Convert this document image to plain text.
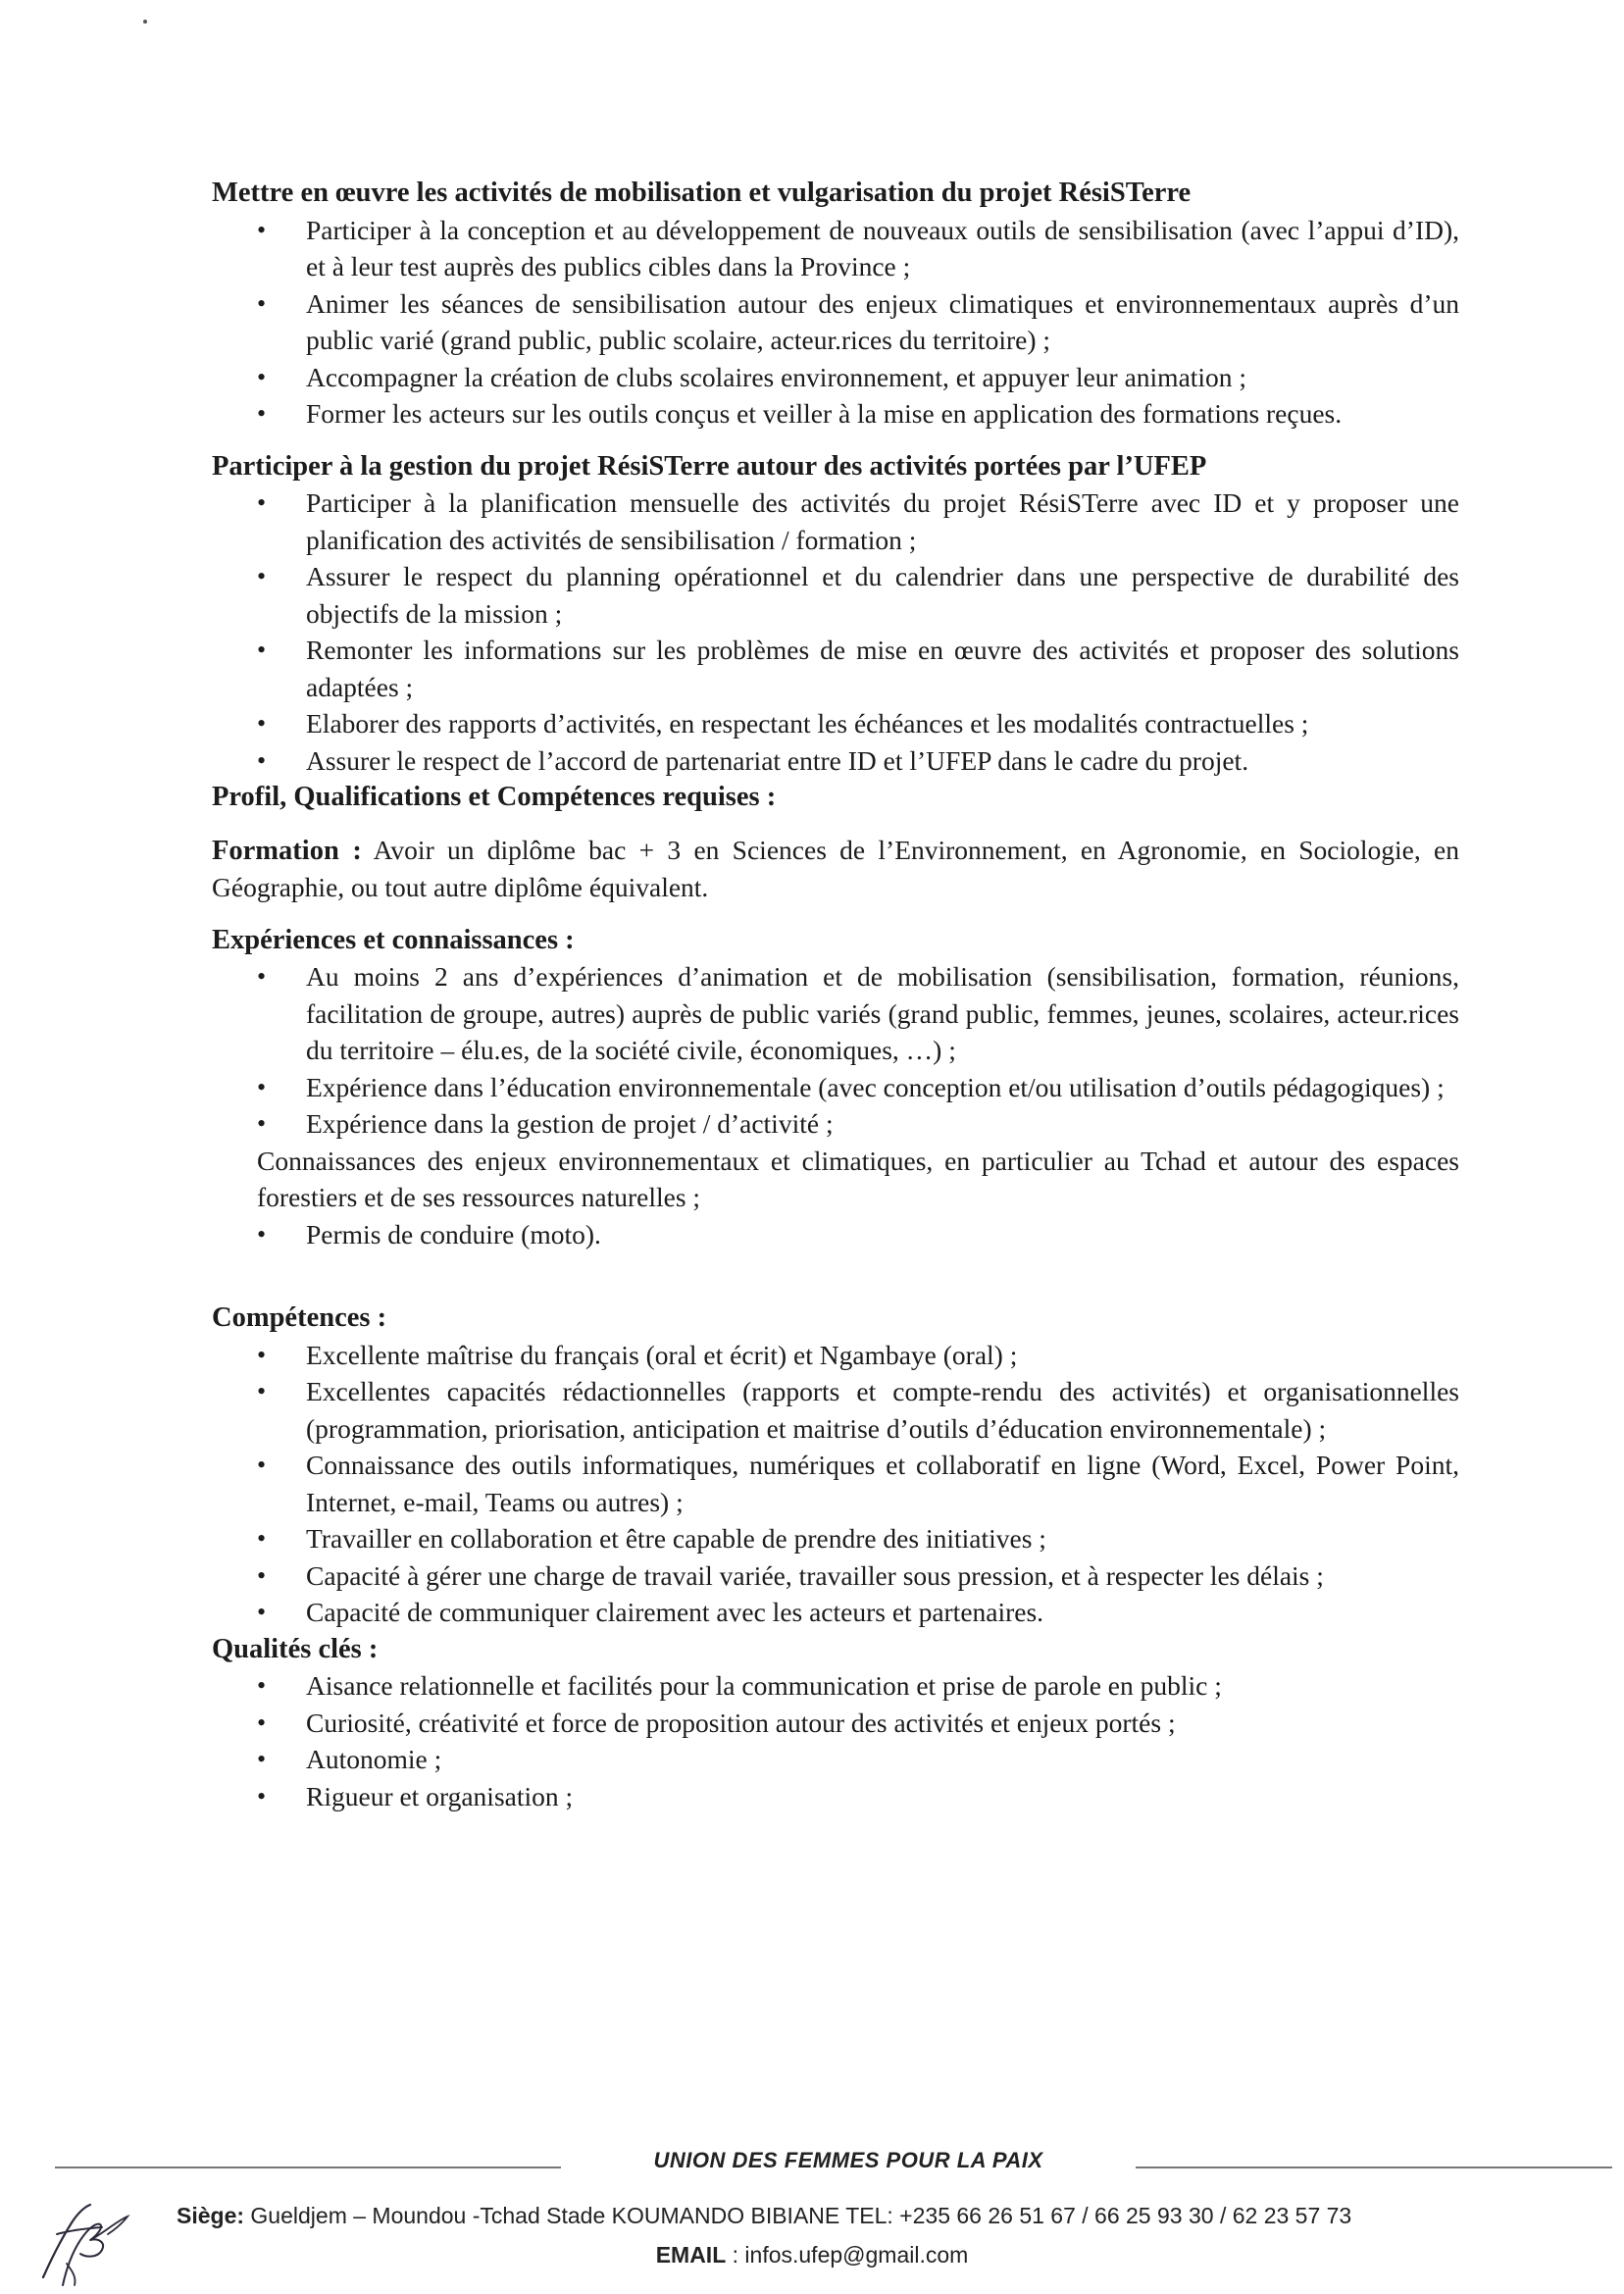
Mettre en œuvre les activités de mobilisation et vulgarisation du projet RésiSTerre

• Participer à la conception et au développement de nouveaux outils de sensibilisation (avec l’appui d’ID), et à leur test auprès des publics cibles dans la Province ;
• Animer les séances de sensibilisation autour des enjeux climatiques et environnementaux auprès d’un public varié (grand public, public scolaire, acteur.rices du territoire) ;
• Accompagner la création de clubs scolaires environnement, et appuyer leur animation ;
• Former les acteurs sur les outils conçus et veiller à la mise en application des formations reçues.

Participer à la gestion du projet RésiSTerre autour des activités portées par l’UFEP

• Participer à la planification mensuelle des activités du projet RésiSTerre avec ID et y proposer une planification des activités de sensibilisation / formation ;
• Assurer le respect du planning opérationnel et du calendrier dans une perspective de durabilité des objectifs de la mission ;
• Remonter les informations sur les problèmes de mise en œuvre des activités et proposer des solutions adaptées ;
• Elaborer des rapports d’activités, en respectant les échéances et les modalités contractuelles ;
• Assurer le respect de l’accord de partenariat entre ID et l’UFEP dans le cadre du projet.

Profil, Qualifications et Compétences requises :

Formation : Avoir un diplôme bac + 3 en Sciences de l’Environnement, en Agronomie, en Sociologie, en Géographie, ou tout autre diplôme équivalent.

Expériences et connaissances :

• Au moins 2 ans d’expériences d’animation et de mobilisation (sensibilisation, formation, réunions, facilitation de groupe, autres) auprès de public variés (grand public, femmes, jeunes, scolaires, acteur.rices du territoire – élu.es, de la société civile, économiques, …) ;
• Expérience dans l’éducation environnementale (avec conception et/ou utilisation d’outils pédagogiques) ;
• Expérience dans la gestion de projet / d’activité ;

Connaissances des enjeux environnementaux et climatiques, en particulier au Tchad et autour des espaces forestiers et de ses ressources naturelles ;

• Permis de conduire (moto).

Compétences :

• Excellente maîtrise du français (oral et écrit) et Ngambaye (oral) ;
• Excellentes capacités rédactionnelles (rapports et compte-rendu des activités) et organisationnelles (programmation, priorisation, anticipation et maitrise d’outils d’éducation environnementale) ;
• Connaissance des outils informatiques, numériques et collaboratif en ligne (Word, Excel, Power Point, Internet, e-mail, Teams ou autres) ;
• Travailler en collaboration et être capable de prendre des initiatives ;
• Capacité à gérer une charge de travail variée, travailler sous pression, et à respecter les délais ;
• Capacité de communiquer clairement avec les acteurs et partenaires.

Qualités clés :

• Aisance relationnelle et facilités pour la communication et prise de parole en public ;
• Curiosité, créativité et force de proposition autour des activités et enjeux portés ;
• Autonomie ;
• Rigueur et organisation ;
UNION DES FEMMES POUR LA PAIX
Siège: Gueldjem – Moundou -Tchad Stade KOUMANDO BIBIANE TEL: +235 66 26 51 67 / 66 25 93 30 / 62 23 57 73
EMAIL : infos.ufep@gmail.com
